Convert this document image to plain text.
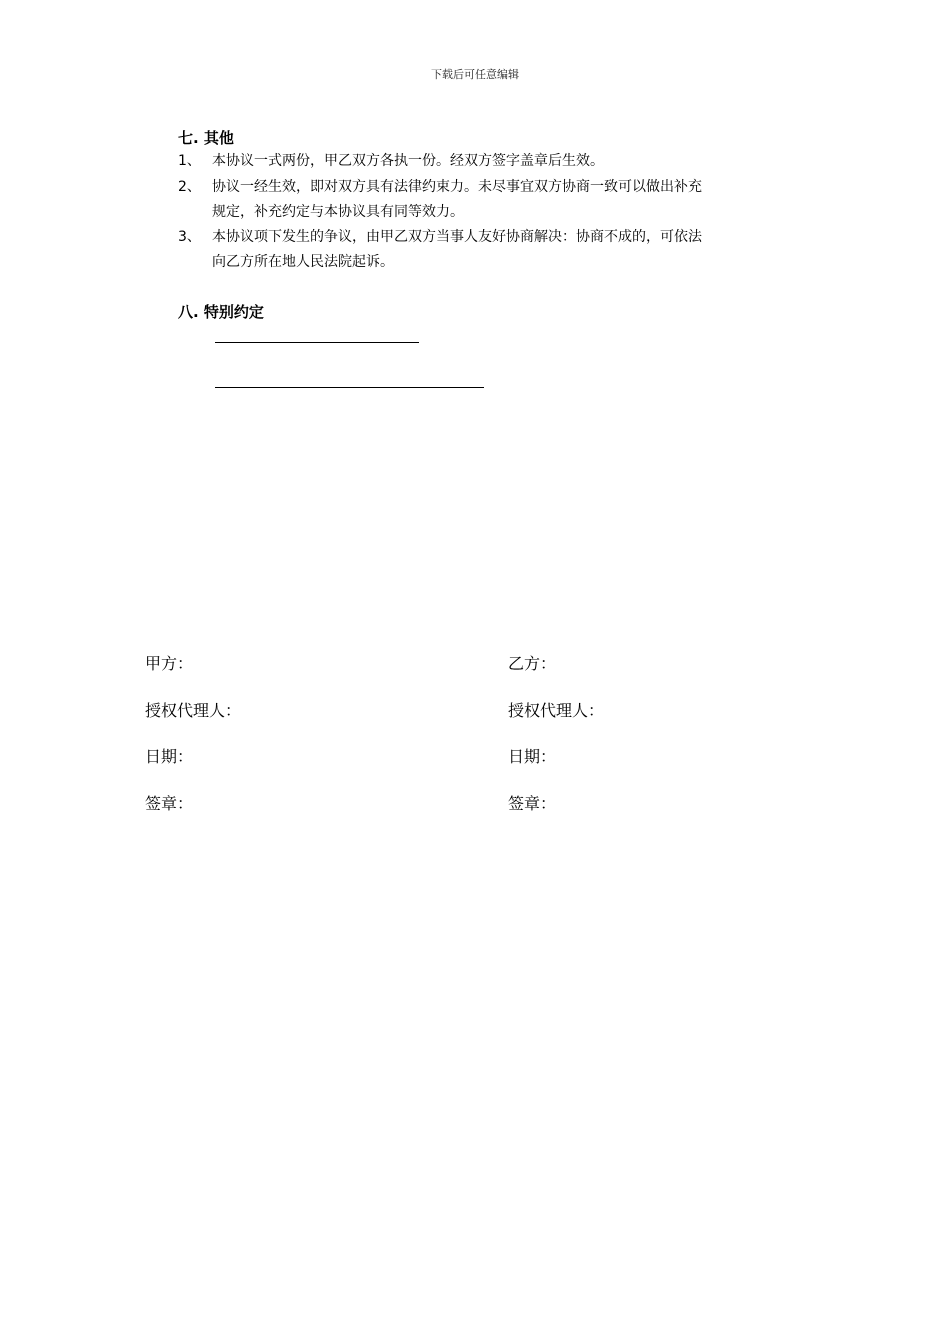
下载后可任意编辑
七. 其他
1、 本协议一式两份，甲乙双方各执一份。经双方签字盖章后生效。
2、 协议一经生效，即对双方具有法律约束力。未尽事宜双方协商一致可以做出补充
规定，补充约定与本协议具有同等效力。
3、 本协议项下发生的争议，由甲乙双方当事人友好协商解决：协商不成的，可依法
向乙方所在地人民法院起诉。
八. 特别约定
甲方：	乙方：
授权代理人：	授权代理人：
日期：	日期：
签章：	签章：
